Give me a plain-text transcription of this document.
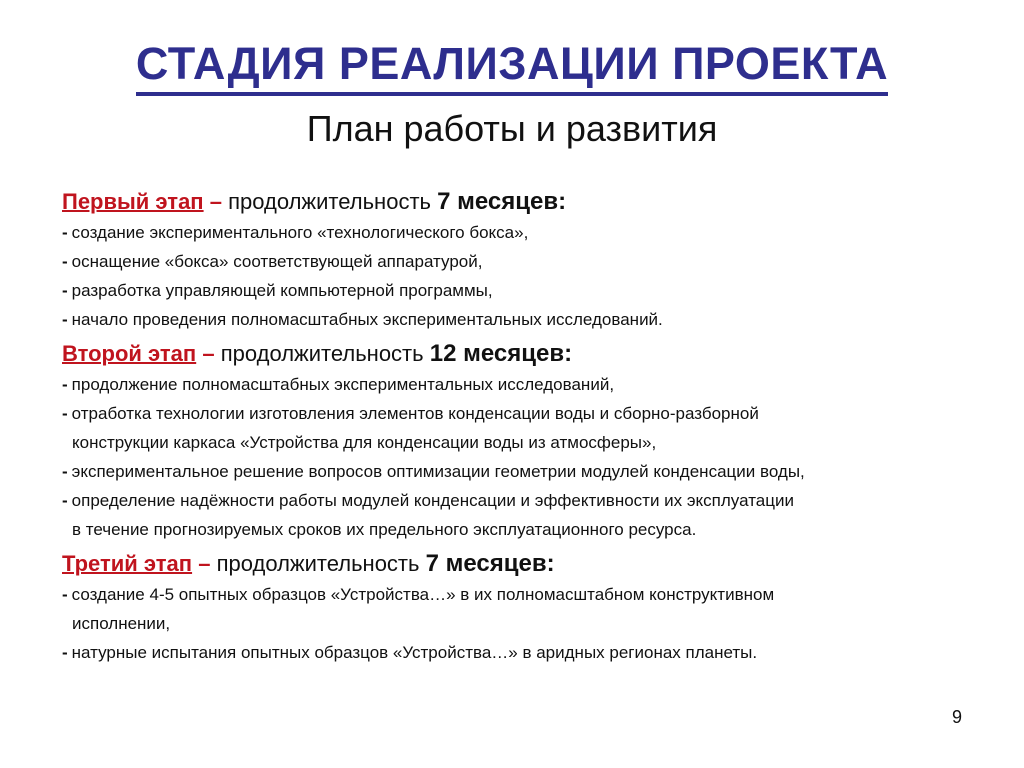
СТАДИЯ РЕАЛИЗАЦИИ ПРОЕКТА
План работы и развития
Первый этап – продолжительность 7 месяцев:
- создание экспериментального «технологического бокса»,
- оснащение «бокса» соответствующей аппаратурой,
- разработка управляющей компьютерной программы,
- начало проведения полномасштабных экспериментальных исследований.
Второй этап – продолжительность 12 месяцев:
- продолжение полномасштабных экспериментальных исследований,
- отработка технологии изготовления элементов конденсации воды и сборно-разборной
конструкции каркаса «Устройства для конденсации воды из атмосферы»,
- экспериментальное решение вопросов оптимизации геометрии модулей конденсации воды,
- определение надёжности работы модулей конденсации и эффективности их эксплуатации
в течение прогнозируемых сроков их предельного эксплуатационного ресурса.
Третий этап – продолжительность 7 месяцев:
- создание 4-5 опытных образцов «Устройства…» в их полномасштабном конструктивном
исполнении,
- натурные испытания опытных образцов «Устройства…» в аридных регионах планеты.
9
